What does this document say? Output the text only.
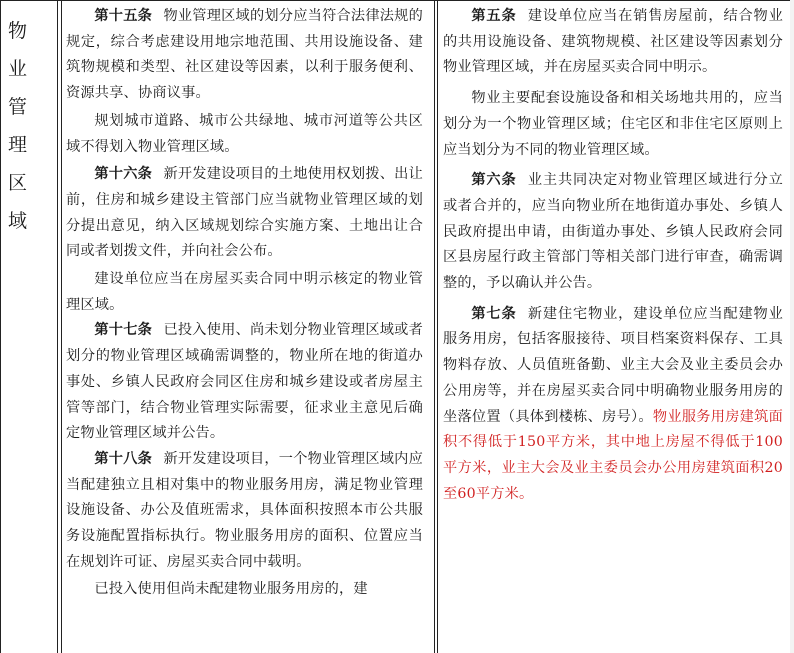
物
业
管
理
区
域

第十五条 物业管理区域的划分应当符合法律法规的规定，综合考虑建设用地宗地范围、共用设施设备、建筑物规模和类型、社区建设等因素，以利于服务便利、资源共享、协商议事。

规划城市道路、城市公共绿地、城市河道等公共区域不得划入物业管理区域。

第十六条 新开发建设项目的土地使用权划拨、出让前，住房和城乡建设主管部门应当就物业管理区域的划分提出意见，纳入区域规划综合实施方案、土地出让合同或者划拨文件，并向社会公布。

建设单位应当在房屋买卖合同中明示核定的物业管理区域。

第十七条 已投入使用、尚未划分物业管理区域或者划分的物业管理区域确需调整的，物业所在地的街道办事处、乡镇人民政府会同区住房和城乡建设或者房屋主管等部门，结合物业管理实际需要，征求业主意见后确定物业管理区域并公告。

第十八条 新开发建设项目，一个物业管理区域内应当配建独立且相对集中的物业服务用房，满足物业管理设施设备、办公及值班需求，具体面积按照本市公共服务设施配置指标执行。物业服务用房的面积、位置应当在规划许可证、房屋买卖合同中载明。

已投入使用但尚未配建物业服务用房的，建

第五条 建设单位应当在销售房屋前，结合物业的共用设施设备、建筑物规模、社区建设等因素划分物业管理区域，并在房屋买卖合同中明示。

物业主要配套设施设备和相关场地共用的，应当划分为一个物业管理区域；住宅区和非住宅区原则上应当划分为不同的物业管理区域。

第六条 业主共同决定对物业管理区域进行分立或者合并的，应当向物业所在地街道办事处、乡镇人民政府提出申请，由街道办事处、乡镇人民政府会同区县房屋行政主管部门等相关部门进行审查，确需调整的，予以确认并公告。

第七条 新建住宅物业，建设单位应当配建物业服务用房，包括客服接待、项目档案资料保存、工具物料存放、人员值班备勤、业主大会及业主委员会办公用房等，并在房屋买卖合同中明确物业服务用房的坐落位置（具体到楼栋、房号）。物业服务用房建筑面积不得低于150平方米，其中地上房屋不得低于100平方米，业主大会及业主委员会办公用房建筑面积20至60平方米。
